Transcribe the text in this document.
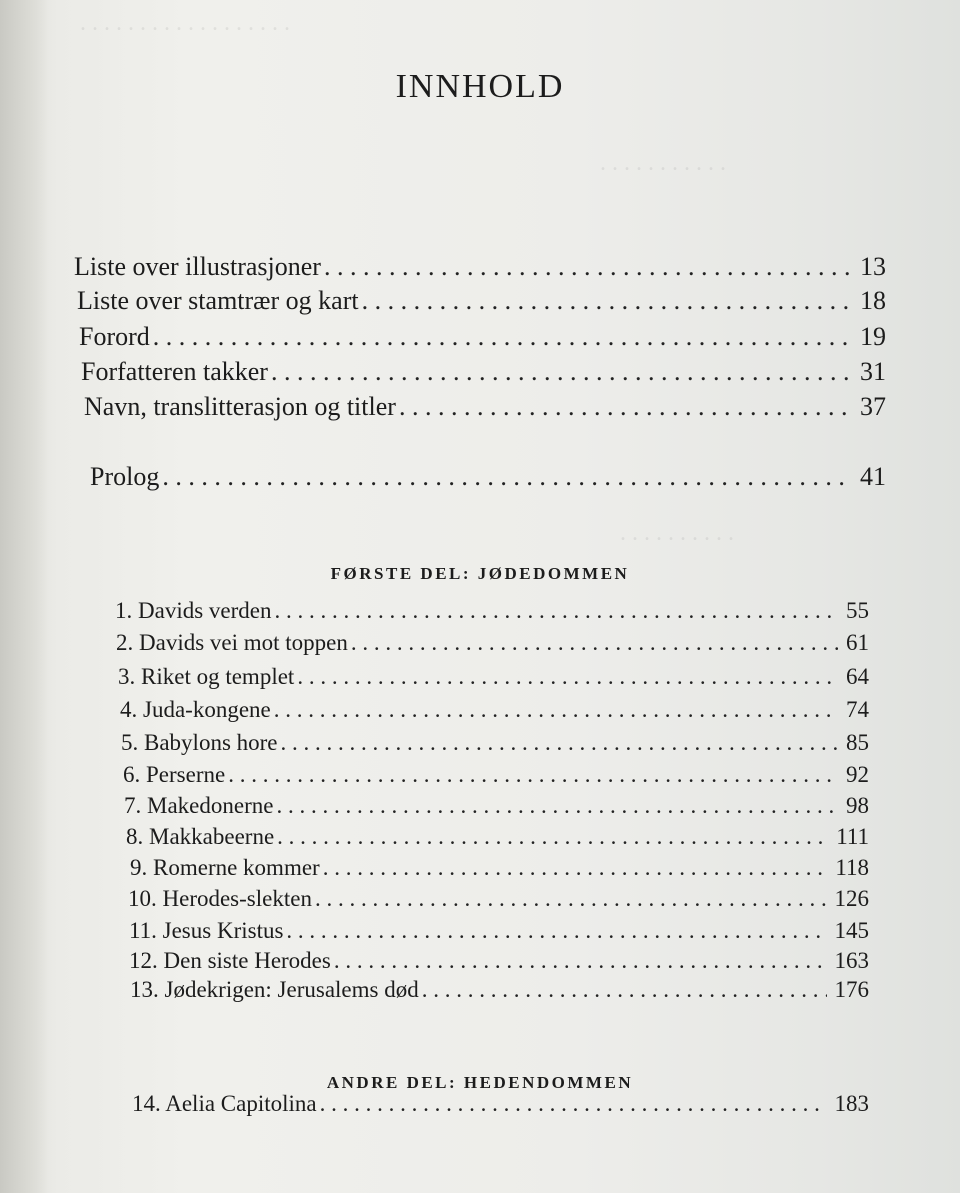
. . . . . . . . . . . . . . . . . .
. . . . . . . . . . .
. . . . . . . . . .
INNHOLD
Liste over illustrasjoner . . .	13
Liste over stamtrær og kart . . .	18
Forord . . .	19
Forfatteren takker . . .	31
Navn, translitterasjon og titler . . .	37
Prolog . . .	41
FØRSTE DEL: JØDEDOMMEN
1. Davids verden . . .	55
2. Davids vei mot toppen . . .	61
3. Riket og templet . . .	64
4. Juda-kongene . . .	74
5. Babylons hore . . .	85
6. Perserne . . .	92
7. Makedonerne . . .	98
8. Makkabeerne . . .	111
9. Romerne kommer . . .	118
10. Herodes-slekten . . .	126
11. Jesus Kristus . . .	145
12. Den siste Herodes . . .	163
13. Jødekrigen: Jerusalems død . . .	176
ANDRE DEL: HEDENDOMMEN
14. Aelia Capitolina . . .	183
